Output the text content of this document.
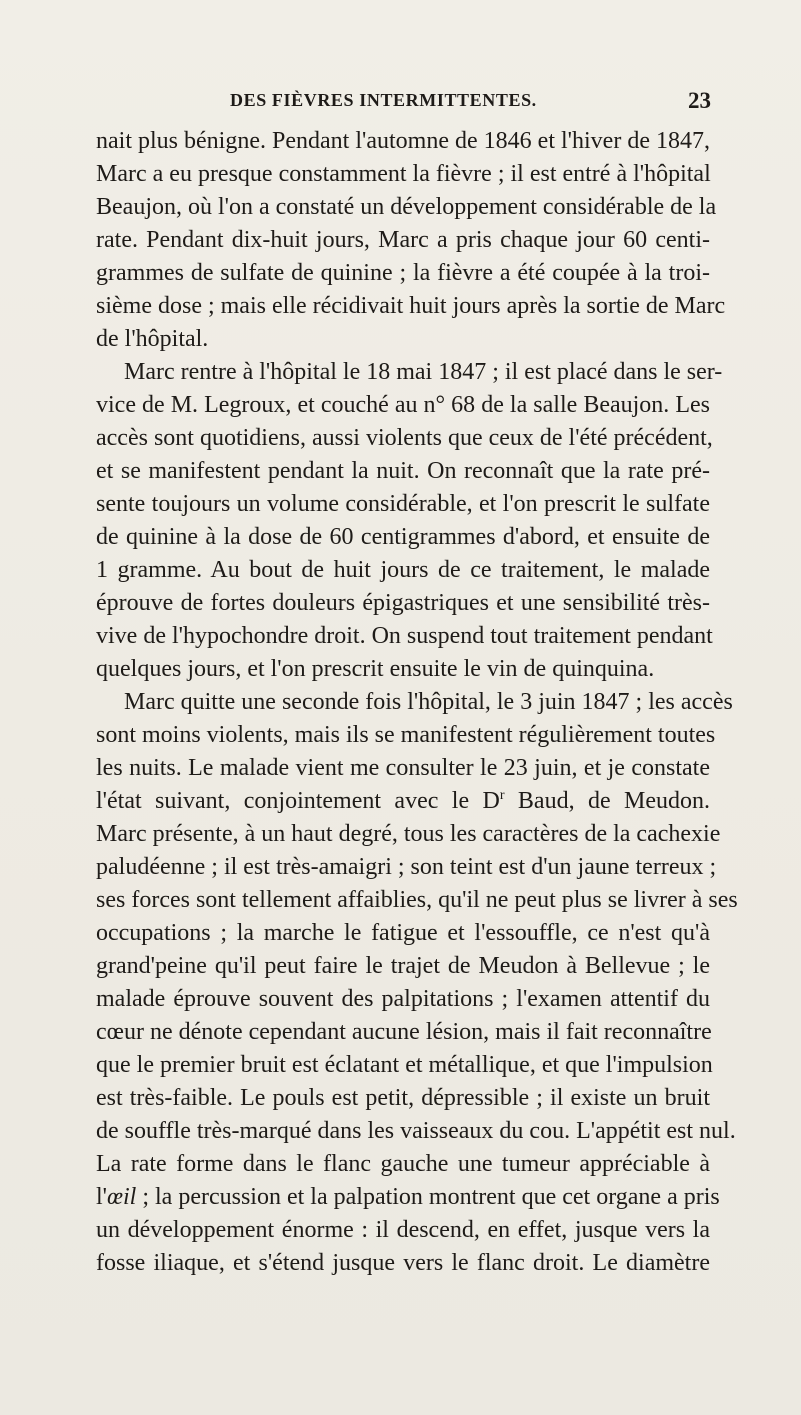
DES FIÈVRES INTERMITTENTES.	23
nait plus bénigne. Pendant l'automne de 1846 et l'hiver de 1847,
Marc a eu presque constamment la fièvre ; il est entré à l'hôpital
Beaujon, où l'on a constaté un développement considérable de la
rate. Pendant dix-huit jours, Marc a pris chaque jour 60 centi-
grammes de sulfate de quinine ; la fièvre a été coupée à la troi-
sième dose ; mais elle récidivait huit jours après la sortie de Marc
de l'hôpital.
Marc rentre à l'hôpital le 18 mai 1847 ; il est placé dans le ser-
vice de M. Legroux, et couché au n° 68 de la salle Beaujon. Les
accès sont quotidiens, aussi violents que ceux de l'été précédent,
et se manifestent pendant la nuit. On reconnaît que la rate pré-
sente toujours un volume considérable, et l'on prescrit le sulfate
de quinine à la dose de 60 centigrammes d'abord, et ensuite de
1 gramme. Au bout de huit jours de ce traitement, le malade
éprouve de fortes douleurs épigastriques et une sensibilité très-
vive de l'hypochondre droit. On suspend tout traitement pendant
quelques jours, et l'on prescrit ensuite le vin de quinquina.
Marc quitte une seconde fois l'hôpital, le 3 juin 1847 ; les accès
sont moins violents, mais ils se manifestent régulièrement toutes
les nuits. Le malade vient me consulter le 23 juin, et je constate
l'état suivant, conjointement avec le $D^r$ Baud, de Meudon.
Marc présente, à un haut degré, tous les caractères de la cachexie
paludéenne ; il est très-amaigri ; son teint est d'un jaune terreux ;
ses forces sont tellement affaiblies, qu'il ne peut plus se livrer à ses
occupations ; la marche le fatigue et l'essouffle, ce n'est qu'à
grand'peine qu'il peut faire le trajet de Meudon à Bellevue ; le
malade éprouve souvent des palpitations ; l'examen attentif du
cœur ne dénote cependant aucune lésion, mais il fait reconnaître
que le premier bruit est éclatant et métallique, et que l'impulsion
est très-faible. Le pouls est petit, dépressible ; il existe un bruit
de souffle très-marqué dans les vaisseaux du cou. L'appétit est nul.
La rate forme dans le flanc gauche une tumeur appréciable à
l'œil ; la percussion et la palpation montrent que cet organe a pris
un développement énorme : il descend, en effet, jusque vers la
fosse iliaque, et s'étend jusque vers le flanc droit. Le diamètre
